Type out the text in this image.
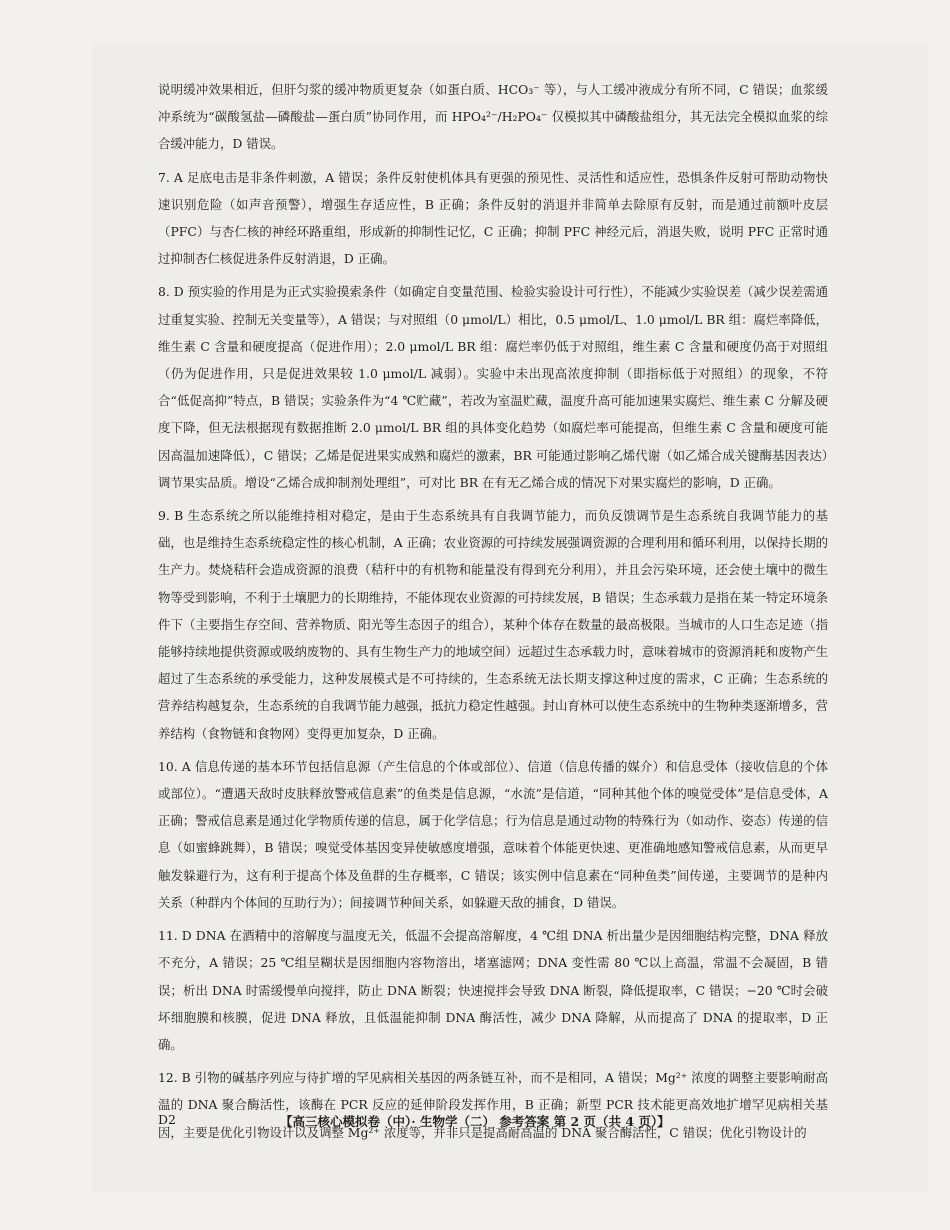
说明缓冲效果相近，但肝匀浆的缓冲物质更复杂（如蛋白质、HCO₃⁻ 等），与人工缓冲液成分有所不同，C 错误；血浆缓冲系统为“碳酸氢盐—磷酸盐—蛋白质”协同作用，而 HPO₄²⁻/H₂PO₄⁻ 仅模拟其中磷酸盐组分，其无法完全模拟血浆的综合缓冲能力，D 错误。

7. A 足底电击是非条件刺激，A 错误；条件反射使机体具有更强的预见性、灵活性和适应性，恐惧条件反射可帮助动物快速识别危险（如声音预警），增强生存适应性，B 正确；条件反射的消退并非简单去除原有反射，而是通过前额叶皮层（PFC）与杏仁核的神经环路重组，形成新的抑制性记忆，C 正确；抑制 PFC 神经元后，消退失败，说明 PFC 正常时通过抑制杏仁核促进条件反射消退，D 正确。

8. D 预实验的作用是为正式实验摸索条件（如确定自变量范围、检验实验设计可行性），不能减少实验误差（减少误差需通过重复实验、控制无关变量等），A 错误；与对照组（0 μmol/L）相比，0.5 μmol/L、1.0 μmol/L BR 组：腐烂率降低，维生素 C 含量和硬度提高（促进作用）；2.0 μmol/L BR 组：腐烂率仍低于对照组，维生素 C 含量和硬度仍高于对照组（仍为促进作用，只是促进效果较 1.0 μmol/L 减弱）。实验中未出现高浓度抑制（即指标低于对照组）的现象，不符合“低促高抑”特点，B 错误；实验条件为“4 ℃贮藏”，若改为室温贮藏，温度升高可能加速果实腐烂、维生素 C 分解及硬度下降，但无法根据现有数据推断 2.0 μmol/L BR 组的具体变化趋势（如腐烂率可能提高，但维生素 C 含量和硬度可能因高温加速降低），C 错误；乙烯是促进果实成熟和腐烂的激素，BR 可能通过影响乙烯代谢（如乙烯合成关键酶基因表达）调节果实品质。增设“乙烯合成抑制剂处理组”，可对比 BR 在有无乙烯合成的情况下对果实腐烂的影响，D 正确。

9. B 生态系统之所以能维持相对稳定，是由于生态系统具有自我调节能力，而负反馈调节是生态系统自我调节能力的基础，也是维持生态系统稳定性的核心机制，A 正确；农业资源的可持续发展强调资源的合理利用和循环利用，以保持长期的生产力。焚烧秸秆会造成资源的浪费（秸秆中的有机物和能量没有得到充分利用），并且会污染环境，还会使土壤中的微生物等受到影响，不利于土壤肥力的长期维持，不能体现农业资源的可持续发展，B 错误；生态承载力是指在某一特定环境条件下（主要指生存空间、营养物质、阳光等生态因子的组合），某种个体存在数量的最高极限。当城市的人口生态足迹（指能够持续地提供资源或吸纳废物的、具有生物生产力的地域空间）远超过生态承载力时，意味着城市的资源消耗和废物产生超过了生态系统的承受能力，这种发展模式是不可持续的，生态系统无法长期支撑这种过度的需求，C 正确；生态系统的营养结构越复杂，生态系统的自我调节能力越强，抵抗力稳定性越强。封山育林可以使生态系统中的生物种类逐渐增多，营养结构（食物链和食物网）变得更加复杂，D 正确。

10. A 信息传递的基本环节包括信息源（产生信息的个体或部位）、信道（信息传播的媒介）和信息受体（接收信息的个体或部位）。“遭遇天敌时皮肤释放警戒信息素”的鱼类是信息源，“水流”是信道，“同种其他个体的嗅觉受体”是信息受体，A 正确；警戒信息素是通过化学物质传递的信息，属于化学信息；行为信息是通过动物的特殊行为（如动作、姿态）传递的信息（如蜜蜂跳舞），B 错误；嗅觉受体基因变异使敏感度增强，意味着个体能更快速、更准确地感知警戒信息素，从而更早触发躲避行为，这有利于提高个体及鱼群的生存概率，C 错误；该实例中信息素在“同种鱼类”间传递，主要调节的是种内关系（种群内个体间的互助行为）；间接调节种间关系，如躲避天敌的捕食，D 错误。

11. D DNA 在酒精中的溶解度与温度无关，低温不会提高溶解度，4 ℃组 DNA 析出量少是因细胞结构完整，DNA 释放不充分，A 错误；25 ℃组呈糊状是因细胞内容物溶出，堵塞滤网；DNA 变性需 80 ℃以上高温，常温不会凝固，B 错误；析出 DNA 时需缓慢单向搅拌，防止 DNA 断裂；快速搅拌会导致 DNA 断裂，降低提取率，C 错误；−20 ℃时会破坏细胞膜和核膜，促进 DNA 释放，且低温能抑制 DNA 酶活性，减少 DNA 降解，从而提高了 DNA 的提取率，D 正确。

12. B 引物的碱基序列应与待扩增的罕见病相关基因的两条链互补，而不是相同，A 错误；Mg²⁺ 浓度的调整主要影响耐高温的 DNA 聚合酶活性，该酶在 PCR 反应的延伸阶段发挥作用，B 正确；新型 PCR 技术能更高效地扩增罕见病相关基因，主要是优化引物设计以及调整 Mg²⁺ 浓度等，并非只是提高耐高温的 DNA 聚合酶活性，C 错误；优化引物设计的

D2	【高三核心模拟卷（中）· 生物学（二） 参考答案 第 2 页（共 4 页）】
